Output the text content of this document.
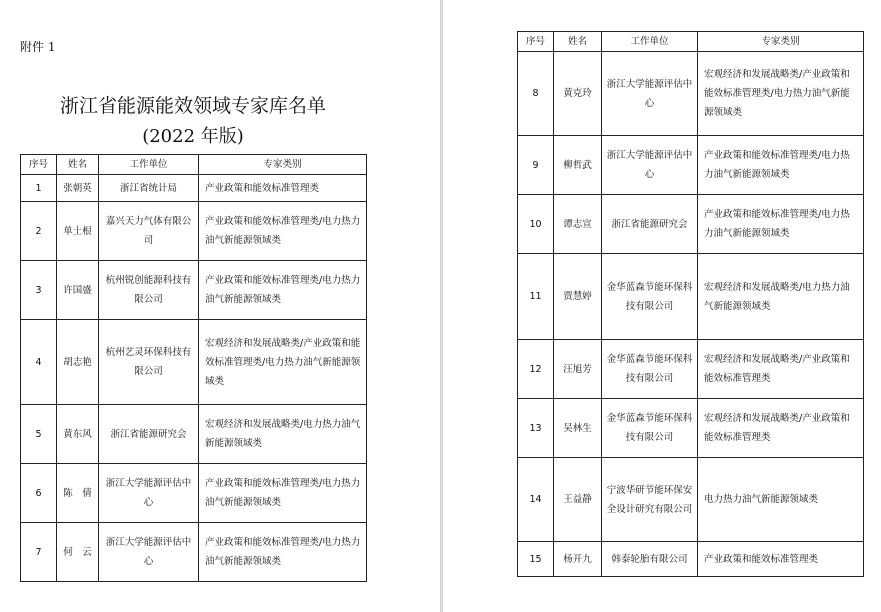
附件 1
浙江省能源能效领域专家库名单
(2022 年版)
序号	姓名	工作单位	专家类别
1	张朝英	浙江省统计局	产业政策和能效标准管理类
2	单土根	嘉兴天力气体有限公司	产业政策和能效标准管理类/电力热力油气新能源领域类
3	许国盛	杭州锐创能源科技有限公司	产业政策和能效标准管理类/电力热力油气新能源领域类
4	胡志艳	杭州艺灵环保科技有限公司	宏观经济和发展战略类/产业政策和能效标准管理类/电力热力油气新能源领域类
5	黄东风	浙江省能源研究会	宏观经济和发展战略类/电力热力油气新能源领域类
6	陈　倩	浙江大学能源评估中心	产业政策和能效标准管理类/电力热力油气新能源领域类
7	何　云	浙江大学能源评估中心	产业政策和能效标准管理类/电力热力油气新能源领域类
序号	姓名	工作单位	专家类别
8	黄克玲	浙江大学能源评估中心	宏观经济和发展战略类/产业政策和能效标准管理类/电力热力油气新能源领域类
9	柳哲武	浙江大学能源评估中心	产业政策和能效标准管理类/电力热力油气新能源领域类
10	谭志宣	浙江省能源研究会	产业政策和能效标准管理类/电力热力油气新能源领域类
11	贾慧婷	金华蓝森节能环保科技有限公司	宏观经济和发展战略类/电力热力油气新能源领域类
12	汪旭芳	金华蓝森节能环保科技有限公司	宏观经济和发展战略类/产业政策和能效标准管理类
13	吴林生	金华蓝森节能环保科技有限公司	宏观经济和发展战略类/产业政策和能效标准管理类
14	王益静	宁波华研节能环保安全设计研究有限公司	电力热力油气新能源领域类
15	杨开九	韩泰轮胎有限公司	产业政策和能效标准管理类
